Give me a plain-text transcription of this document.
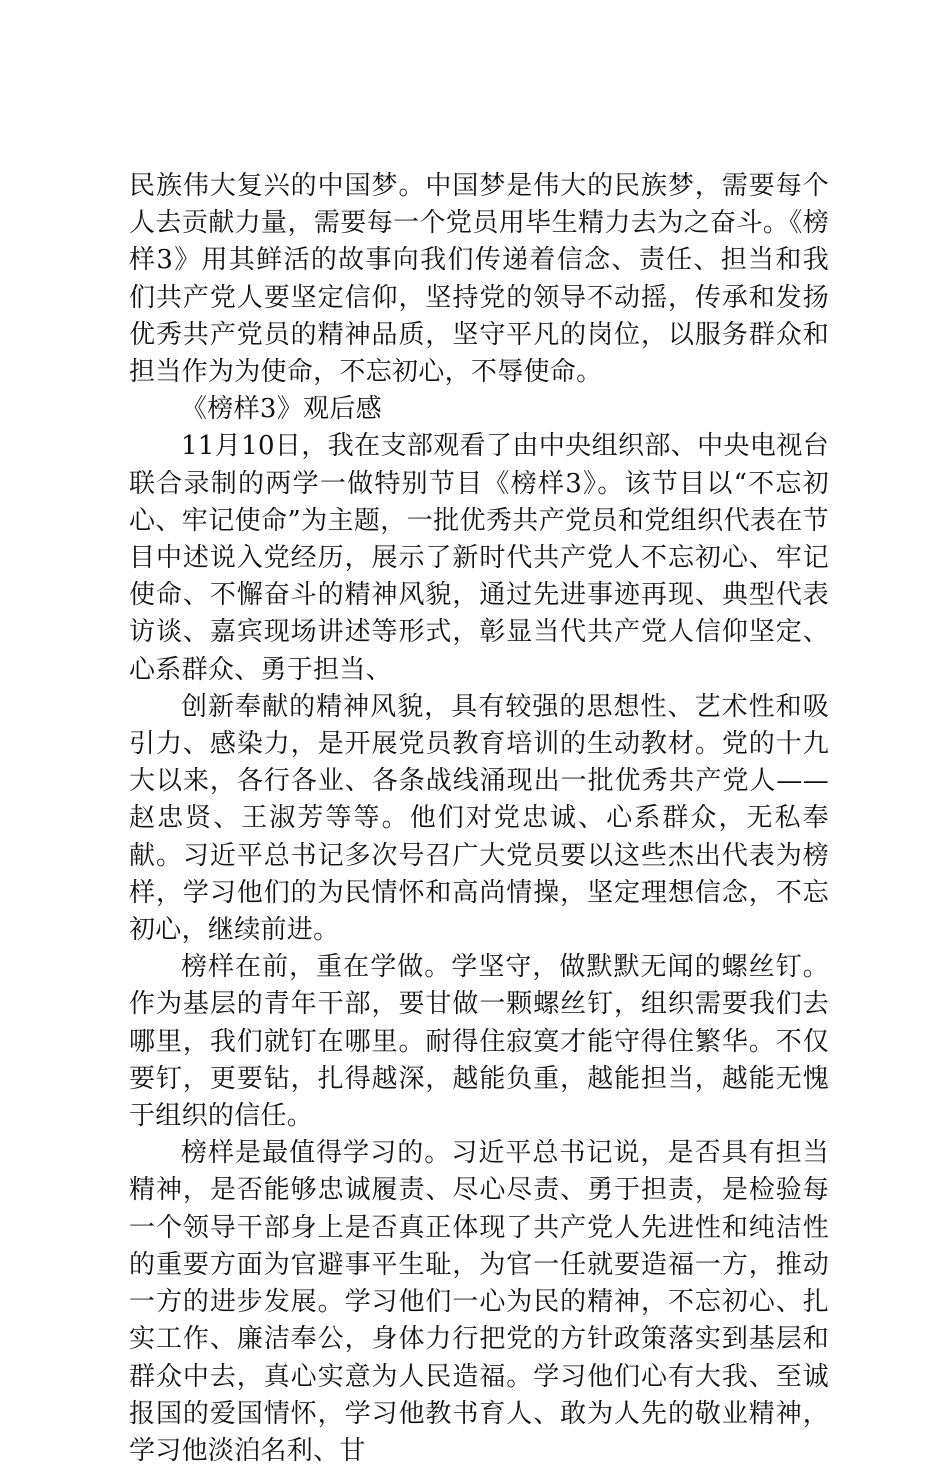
民族伟大复兴的中国梦。中国梦是伟大的民族梦，需要每个人去贡献力量，需要每一个党员用毕生精力去为之奋斗。《榜样3》用其鲜活的故事向我们传递着信念、责任、担当和我们共产党人要坚定信仰，坚持党的领导不动摇，传承和发扬优秀共产党员的精神品质，坚守平凡的岗位，以服务群众和担当作为为使命，不忘初心，不辱使命。

《榜样3》观后感

11月10日，我在支部观看了由中央组织部、中央电视台联合录制的两学一做特别节目《榜样3》。该节目以“不忘初心、牢记使命”为主题，一批优秀共产党员和党组织代表在节目中述说入党经历，展示了新时代共产党人不忘初心、牢记使命、不懈奋斗的精神风貌，通过先进事迹再现、典型代表访谈、嘉宾现场讲述等形式，彰显当代共产党人信仰坚定、心系群众、勇于担当、

创新奉献的精神风貌，具有较强的思想性、艺术性和吸引力、感染力，是开展党员教育培训的生动教材。党的十九大以来，各行各业、各条战线涌现出一批优秀共产党人——赵忠贤、王淑芳等等。他们对党忠诚、心系群众，无私奉献。习近平总书记多次号召广大党员要以这些杰出代表为榜样，学习他们的为民情怀和高尚情操，坚定理想信念，不忘初心，继续前进。

榜样在前，重在学做。学坚守，做默默无闻的螺丝钉。作为基层的青年干部，要甘做一颗螺丝钉，组织需要我们去哪里，我们就钉在哪里。耐得住寂寞才能守得住繁华。不仅要钉，更要钻，扎得越深，越能负重，越能担当，越能无愧于组织的信任。

榜样是最值得学习的。习近平总书记说，是否具有担当精神，是否能够忠诚履责、尽心尽责、勇于担责，是检验每一个领导干部身上是否真正体现了共产党人先进性和纯洁性的重要方面为官避事平生耻，为官一任就要造福一方，推动一方的进步发展。学习他们一心为民的精神，不忘初心、扎实工作、廉洁奉公，身体力行把党的方针政策落实到基层和群众中去，真心实意为人民造福。学习他们心有大我、至诚报国的爱国情怀，学习他教书育人、敢为人先的敬业精神，学习他淡泊名利、甘
